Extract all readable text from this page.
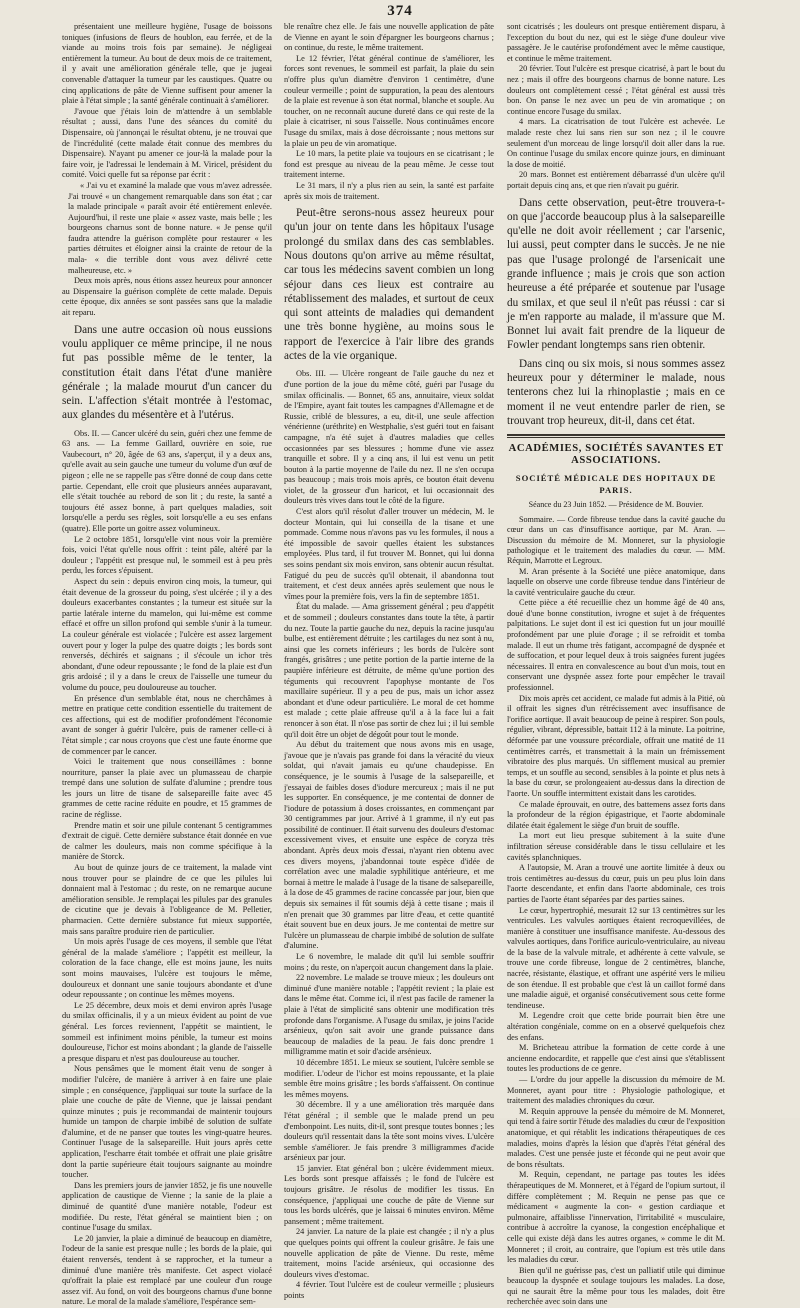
374

présentaient une meilleure hygiène, l'usage de boissons toniques (infusions de fleurs de houblon, eau ferrée, et de la viande au moins trois fois par semaine). Je négligeai entièrement la tumeur. Au bout de deux mois de ce traitement, il y avait une amélioration générale telle, que je jugeai convenable d'attaquer la tumeur par les caustiques. Quatre ou cinq applications de pâte de Vienne suffisent pour amener la plaie à l'état simple ; la santé générale continuait à s'améliorer.

J'avoue que j'étais loin de m'attendre à un semblable résultat ; aussi, dans l'une des séances du comité du Dispensaire, où j'annonçai le résultat obtenu, je ne trouvai que de l'incrédulité (cette malade était connue des membres du Dispensaire). N'ayant pu amener ce jour-là la malade pour la faire voir, je l'adressai le lendemain à M. Viricel, président du comité. Voici quelle fut sa réponse par écrit :

« J'ai vu et examiné la malade que vous m'avez adressée. J'ai trouvé « un changement remarquable dans son état ; car la malade principale « paraît avoir été entièrement enlevée. Aujourd'hui, il reste une plaie « assez vaste, mais belle ; les bourgeons charnus sont de bonne nature. « Je pense qu'il faudra attendre la guérison complète pour restaurer « les parties détruites et éloigner ainsi la crainte de retour de la mala- « die terrible dont vous avez délivré cette malheureuse, etc. »

Deux mois après, nous étions assez heureux pour annoncer au Dispensaire la guérison complète de cette malade. Depuis cette époque, dix années se sont passées sans que la maladie ait reparu.

Dans une autre occasion où nous eussions voulu appliquer ce même principe, il ne nous fut pas possible même de le tenter, la constitution était dans l'état d'une manière générale ; la malade mourut d'un cancer du sein. L'affection s'était montrée à l'estomac, aux glandes du mésentère et à l'utérus.

Obs. II. — Cancer ulcéré du sein, guéri chez une femme de 63 ans. — La femme Gaillard, ouvrière en soie, rue Vaubecourt, n° 20, âgée de 63 ans, s'aperçut, il y a deux ans, qu'elle avait au sein gauche une tumeur du volume d'un œuf de pigeon ; elle ne se rappelle pas s'être donné de coup dans cette partie. Cependant, elle croit que plusieurs années auparavant, elle s'était touchée au rebord de son lit ; du reste, la santé a toujours été assez bonne, à part quelques maladies, soit lorsqu'elle a perdu ses règles, soit lorsqu'elle a eu ses enfans (quatre). Elle porte un goitre assez volumineux.

Le 2 octobre 1851, lorsqu'elle vint nous voir la première fois, voici l'état qu'elle nous offrit : teint pâle, altéré par la douleur ; l'appétit est presque nul, le sommeil est à peu près perdu, les forces s'épuisent.

Aspect du sein : depuis environ cinq mois, la tumeur, qui était devenue de la grosseur du poing, s'est ulcérée ; il y a des douleurs exacerbantes constantes ; la tumeur est située sur la partie latérale interne du mamelon, qui lui-même est comme effacé et offre un sillon profond qui semble s'unir à la tumeur. La couleur générale est violacée ; l'ulcère est assez largement ouvert pour y loger la pulpe des quatre doigts ; les bords sont renversés, déchirés et saignans ; il s'écoule un ichor très abondant, d'une odeur repoussante ; le fond de la plaie est d'un gris ardoisé ; il y a dans le creux de l'aisselle une tumeur du volume du pouce, peu douloureuse au toucher.

En présence d'un semblable état, nous ne cherchâmes à mettre en pratique cette condition essentielle du traitement de ces affections, qui est de modifier profondément l'économie avant de songer à guérir l'ulcère, puis de ramener celle-ci à l'état simple ; car nous croyons que c'est une faute énorme que de commencer par le cancer.

Voici le traitement que nous conseillâmes : bonne nourriture, panser la plaie avec un plumasseau de charpie trempé dans une solution de sulfate d'alumine ; prendre tous les jours un litre de tisane de salsepareille faite avec 45 grammes de cette racine réduite en poudre, et 15 grammes de racine de réglisse.

Prendre matin et soir une pilule contenant 5 centigrammes d'extrait de ciguë. Cette dernière substance était donnée en vue de calmer les douleurs, mais non comme spécifique à la manière de Storck.

Au bout de quinze jours de ce traitement, la malade vint nous trouver pour se plaindre de ce que les pilules lui donnaient mal à l'estomac ; du reste, on ne remarque aucune amélioration sensible. Je remplaçai les pilules par des granules de cicutine que je devais à l'obligeance de M. Pelletier, pharmacien. Cette dernière substance fut mieux supportée, mais sans paraître produire rien de particulier.

Un mois après l'usage de ces moyens, il semble que l'état général de la malade s'améliore ; l'appétit est meilleur, la coloration de la face change, elle est moins jaune, les nuits sont moins mauvaises, l'ulcère est toujours le même, douloureux et donnant une sanie toujours abondante et d'une odeur repoussante ; on continue les mêmes moyens.

Le 25 décembre, deux mois et demi environ après l'usage du smilax officinalis, il y a un mieux évident au point de vue général. Les forces reviennent, l'appétit se maintient, le sommeil est infiniment moins pénible, la tumeur est moins douloureuse, l'ichor est moins abondant ; la glande de l'aisselle a presque disparu et n'est pas douloureuse au toucher.

Nous pensâmes que le moment était venu de songer à modifier l'ulcère, de manière à arriver à en faire une plaie simple ; en conséquence, j'appliquai sur toute la surface de la plaie une couche de pâte de Vienne, que je laissai pendant quinze minutes ; puis je recommandai de maintenir toujours humide un tampon de charpie imbibé de solution de sulfate d'alumine, et de ne panser que toutes les vingt-quatre heures. Continuer l'usage de la salsepareille. Huit jours après cette application, l'escharre était tombée et offrait une plaie grisâtre dont la partie supérieure était toujours saignante au moindre toucher.

Dans les premiers jours de janvier 1852, je fis une nouvelle application de caustique de Vienne ; la sanie de la plaie a diminué de quantité d'une manière notable, l'odeur est modifiée. Du reste, l'état général se maintient bien ; on continue l'usage du smilax.

Le 20 janvier, la plaie a diminué de beaucoup en diamètre, l'odeur de la sanie est presque nulle ; les bords de la plaie, qui étaient renversés, tendent à se rapprocher, et la tumeur a diminué d'une manière très manifeste. Cet aspect violacé qu'offrait la plaie est remplacé par une couleur d'un rouge assez vif. Au fond, on voit des bourgeons charnus d'une bonne nature. Le moral de la malade s'améliore, l'espérance sem-

ble renaître chez elle. Je fais une nouvelle application de pâte de Vienne en ayant le soin d'épargner les bourgeons charnus ; on continue, du reste, le même traitement.

Le 12 février, l'état général continue de s'améliorer, les forces sont revenues, le sommeil est parfait, la plaie du sein n'offre plus qu'un diamètre d'environ 1 centimètre, d'une couleur vermeille ; point de suppuration, la peau des alentours de la plaie est revenue à son état normal, blanche et souple. Au toucher, on ne reconnaît aucune dureté dans ce qui reste de la plaie à cicatriser, ni sous l'aisselle. Nous continuâmes encore l'usage du smilax, mais à dose décroissante ; nous mettons sur la plaie un peu de vin aromatique.

Le 10 mars, la petite plaie va toujours en se cicatrisant ; le fond est presque au niveau de la peau même. Je cesse tout traitement interne.

Le 31 mars, il n'y a plus rien au sein, la santé est parfaite après six mois de traitement.

Peut-être serons-nous assez heureux pour qu'un jour on tente dans les hôpitaux l'usage prolongé du smilax dans des cas semblables. Nous doutons qu'on arrive au même résultat, car tous les médecins savent combien un long séjour dans ces lieux est contraire au rétablissement des malades, et surtout de ceux qui sont atteints de maladies qui demandent une très bonne hygiène, au moins sous le rapport de l'exercice à l'air libre des grands actes de la vie organique.

Obs. III. — Ulcère rongeant de l'aile gauche du nez et d'une portion de la joue du même côté, guéri par l'usage du smilax officinalis. — Bonnet, 65 ans, annuitaire, vieux soldat de l'Empire, ayant fait toutes les campagnes d'Allemagne et de Russie, criblé de blessures, a eu, dit-il, une seule affection vénérienne (uréthrite) en Westphalie, s'est guéri tout en faisant campagne, n'a été sujet à d'autres maladies que celles occasionnées par ses blessures ; homme d'une vie assez tranquille et sobre. Il y a cinq ans, il lui est venu un petit bouton à la partie moyenne de l'aile du nez. Il ne s'en occupa pas beaucoup ; mais trois mois après, ce bouton était devenu violet, de la grosseur d'un haricot, et lui occasionnait des douleurs très vives dans tout le côté de la figure.

C'est alors qu'il résolut d'aller trouver un médecin, M. le docteur Montain, qui lui conseilla de la tisane et une pommade. Comme nous n'avons pas vu les formules, il nous a été impossible de savoir quelles étaient les substances employées. Plus tard, il fut trouver M. Bonnet, qui lui donna ses soins pendant six mois environ, sans obtenir aucun résultat. Fatigué du peu de succès qu'il obtenait, il abandonna tout traitement, et c'est deux années après seulement que nous le vîmes pour la première fois, vers la fin de septembre 1851.

État du malade. — Ama grissement général ; peu d'appétit et de sommeil ; douleurs constantes dans toute la tête, à partir du nez. Toute la partie gauche du nez, depuis la racine jusqu'au bulbe, est entièrement détruite ; les cartilages du nez sont à nu, ainsi que les cornets inférieurs ; les bords de l'ulcère sont frangés, grisâtres ; une petite portion de la partie interne de la paupière inférieure est détruite, de même qu'une portion des téguments qui recouvrent l'apophyse montante de l'os maxillaire supérieur. Il y a peu de pus, mais un ichor assez abondant et d'une odeur particulière. Le moral de cet homme est malade ; cette plaie affreuse qu'il a à la face lui a fait renoncer à son état. Il n'ose pas sortir de chez lui ; il lui semble qu'il doit être un objet de dégoût pour tout le monde.

Au début du traitement que nous avons mis en usage, j'avoue que je n'avais pas grande foi dans la véracité du vieux soldat, qui n'avait jamais eu qu'une chaudepisse. En conséquence, je le soumis à l'usage de la salsepareille, et j'essayai de faibles doses d'iodure mercureux ; mais il ne put les supporter. En conséquence, je me contentai de donner de l'iodure de potassium à doses croissantes, en commençant par 30 centigrammes par jour. Arrivé à 1 gramme, il n'y eut pas possibilité de continuer. Il était survenu des douleurs d'estomac excessivement vives, et ensuite une espèce de coryza très abondant. Après deux mois d'essai, n'ayant rien obtenu avec ces divers moyens, j'abandonnai toute espèce d'idée de corrélation avec une maladie syphilitique antérieure, et me bornai à mettre le malade à l'usage de la tisane de salsepareille, à la dose de 45 grammes de racine concassée par jour, bien que depuis six semaines il fût soumis déjà à cette tisane ; mais il n'en prenait que 30 grammes par litre d'eau, et cette quantité était souvent bue en deux jours. Je me contentai de mettre sur l'ulcère un plumasseau de charpie imbibé de solution de sulfate d'alumine.

Le 6 novembre, le malade dit qu'il lui semble souffrir moins ; du reste, on n'aperçoit aucun changement dans la plaie.

22 novembre. Le malade se trouve mieux ; les douleurs ont diminué d'une manière notable ; l'appétit revient ; la plaie est dans le même état. Comme ici, il n'est pas facile de ramener la plaie à l'état de simplicité sans obtenir une modification très profonde dans l'organisme. A l'usage du smilax, je joins l'acide arsénieux, qu'on sait avoir une grande puissance dans beaucoup de maladies de la peau. Je fais donc prendre 1 milligramme matin et soir d'acide arsénieux.

10 décembre 1851. Le mieux se soutient, l'ulcère semble se modifier. L'odeur de l'ichor est moins repoussante, et la plaie semble être moins grisâtre ; les bords s'affaissent. On continue les mêmes moyens.

30 décembre. Il y a une amélioration très marquée dans l'état général ; il semble que le malade prend un peu d'embonpoint. Les nuits, dit-il, sont presque toutes bonnes ; les douleurs qu'il ressentait dans la tête sont moins vives. L'ulcère semble s'améliorer. Je fais prendre 3 milligrammes d'acide arsénieux par jour.

15 janvier. Etat général bon ; ulcère évidemment mieux. Les bords sont presque affaissés ; le fond de l'ulcère est toujours grisâtre. Je résolus de modifier les tissus. En conséquence, j'appliquai une couche de pâte de Vienne sur tous les bords ulcérés, que je laissai 6 minutes environ. Même pansement ; même traitement.

24 janvier. La nature de la plaie est changée ; il n'y a plus que quelques points qui offrent la couleur grisâtre. Je fais une nouvelle application de pâte de Vienne. Du reste, même traitement, moins l'acide arsénieux, qui occasionne des douleurs vives d'estomac.

4 février. Tout l'ulcère est de couleur vermeille ; plusieurs points

sont cicatrisés ; les douleurs ont presque entièrement disparu, à l'exception du bout du nez, qui est le siège d'une douleur vive passagère. Je le cautérise profondément avec le même caustique, et continue le même traitement.

20 février. Tout l'ulcère est presque cicatrisé, à part le bout du nez ; mais il offre des bourgeons charnus de bonne nature. Les douleurs ont complètement cessé ; l'état général est aussi très bon. On panse le nez avec un peu de vin aromatique ; on continue encore l'usage du smilax.

4 mars. La cicatrisation de tout l'ulcère est achevée. Le malade reste chez lui sans rien sur son nez ; il le couvre seulement d'un morceau de linge lorsqu'il doit aller dans la rue. On continue l'usage du smilax encore quinze jours, en diminuant la dose de moitié.

20 mars. Bonnet est entièrement débarrassé d'un ulcère qu'il portait depuis cinq ans, et que rien n'avait pu guérir.

Dans cette observation, peut-être trouvera-t-on que j'accorde beaucoup plus à la salsepareille qu'elle ne doit avoir réellement ; car l'arsenic, lui aussi, peut compter dans le succès. Je ne nie pas que l'usage prolongé de l'arsenicait une grande influence ; mais je crois que son action heureuse a été préparée et soutenue par l'usage du smilax, et que seul il n'eût pas réussi : car si je m'en rapporte au malade, il m'assure que M. Bonnet lui avait fait prendre de la liqueur de Fowler pendant longtemps sans rien obtenir.

Dans cinq ou six mois, si nous sommes assez heureux pour y déterminer le malade, nous tenterons chez lui la rhinoplastie ; mais en ce moment il ne veut entendre parler de rien, se trouvant trop heureux, dit-il, dans cet état.

ACADÉMIES, SOCIÉTÉS SAVANTES ET ASSOCIATIONS.
SOCIÉTÉ MÉDICALE DES HOPITAUX DE PARIS.
Séance du 23 Juin 1852. — Présidence de M. Bouvier.

Sommaire. — Corde fibreuse tendue dans la cavité gauche du cœur dans un cas d'insuffisance aortique, par M. Aran. — Discussion du mémoire de M. Monneret, sur la physiologie pathologique et le traitement des maladies du cœur. — MM. Réquin, Marrotte et Legroux.

M. Aran présente à la Société une pièce anatomique, dans laquelle on observe une corde fibreuse tendue dans l'intérieur de la cavité ventriculaire gauche du cœur.

Cette pièce a été recueillie chez un homme âgé de 40 ans, doué d'une bonne constitution, ivrogne et sujet à de fréquentes palpitations. Le sujet dont il est ici question fut un jour mouillé profondément par une pluie d'orage ; il se refroidit et tomba malade. Il eut un rhume très fatigant, accompagné de dyspnée et de suffocation, et pour lequel deux à trois saignées furent jugées nécessaires. Il entra en convalescence au bout d'un mois, tout en conservant une dyspnée assez forte pour empêcher le travail professionnel.

Dix mois après cet accident, ce malade fut admis à la Pitié, où il offrait les signes d'un rétrécissement avec insuffisance de l'orifice aortique. Il avait beaucoup de peine à respirer. Son pouls, régulier, vibrant, dépressible, battait 112 à la minute. La poitrine, déformée par une voussure précordiale, offrait une matité de 11 centimètres carrés, et transmettait à la main un frémissement vibratoire des plus marqués. Un sifflement musical au premier temps, et un souffle au second, sensibles à la pointe et plus nets à la base du cœur, se prolongeaient au-dessus dans la direction de l'aorte. Un souffle intermittent existait dans les carotides.

Ce malade éprouvait, en outre, des battemens assez forts dans la profondeur de la région épigastrique, et l'aorte abdominale dilatée était également le siège d'un bruit de souffle.

La mort eut lieu presque subitement à la suite d'une infiltration séreuse considérable dans le tissu cellulaire et les cavités splanchniques.

A l'autopsie, M. Aran a trouvé une aortite limitée à deux ou trois centimètres au-dessus du cœur, puis un peu plus loin dans l'aorte descendante, et enfin dans l'aorte abdominale, ces trois parties de l'aorte étant séparées par des parties saines.

Le cœur, hypertrophié, mesurait 12 sur 13 centimètres sur les ventricules. Les valvules aortiques étaient recroquevillées, de manière à constituer une insuffisance manifeste. Au-dessous des valvules aortiques, dans l'orifice auriculo-ventriculaire, au niveau de la base de la valvule mitrale, et adhérente à cette valvule, se trouve une corde fibreuse, longue de 2 centimètres, blanche, nacrée, résistante, élastique, et offrant une aspérité vers le milieu de son étendue. Il est probable que c'est là un caillot formé dans une maladie aiguë, et organisé consécutivement sous cette forme tendineuse.

M. Legendre croit que cette bride pourrait bien être une altération congéniale, comme on en a observé quelquefois chez des enfans.

M. Bricheteau attribue la formation de cette corde à une ancienne endocardite, et rappelle que c'est ainsi que s'établissent toutes les productions de ce genre.

— L'ordre du jour appelle la discussion du mémoire de M. Monneret, ayant pour titre : Physiologie pathologique, et traitement des maladies chroniques du cœur.

M. Requin approuve la pensée du mémoire de M. Monneret, qui tend à faire sortir l'étude des maladies du cœur de l'exposition anatomique, et qui rétablit les indications thérapeutiques de ces maladies, moins d'après la lésion que d'après l'état général des malades. C'est une pensée juste et féconde qui ne peut avoir que de bons résultats.

M. Requin, cependant, ne partage pas toutes les idées thérapeutiques de M. Monneret, et à l'égard de l'opium surtout, il diffère complètement ; M. Requin ne pense pas que ce médicament « augmente la con- « gestion cardiaque et pulmonaire, affaiblisse l'innervation, l'irritabilité « musculaire, contribue à accroître la cyanose, la congestion encéphalique et celle qui existe déjà dans les autres organes, » comme le dit M. Monneret ; il croit, au contraire, que l'opium est très utile dans les maladies du cœur.

Bien qu'il ne guérisse pas, c'est un palliatif utile qui diminue beaucoup la dyspnée et soulage toujours les malades. La dose, qui ne saurait être la même pour tous les malades, doit être recherchée avec soin dans une
